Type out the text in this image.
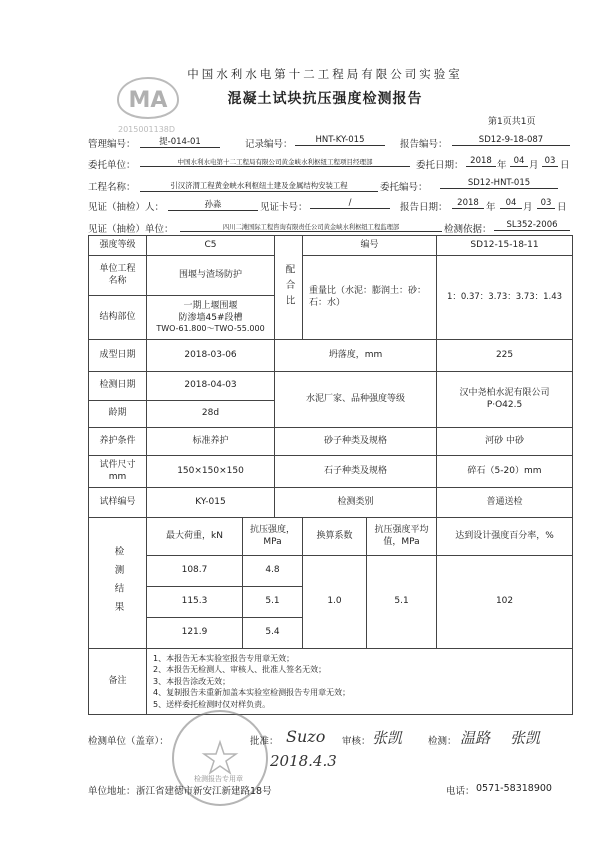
MA
2015001138D
中国水利水电第十二工程局有限公司实验室
混凝土试块抗压强度检测报告
第1页共1页
管理编号：	提-014-01	记录编号：	HNT-KY-015	报告编号：	SD12-9-18-087
委托单位：	中国水利水电第十二工程局有限公司黄金峡水利枢纽工程项目经理部	委托日期： 2018 年 04 月 03 日
工程名称：	引汉济渭工程黄金峡水利枢纽土建及金属结构安装工程	委托编号：	SD12-HNT-015
见证（抽检）人：	孙淼	见证卡号：	/	报告日期：	2018 年	04 月 03 日
见证（抽检）单位：	四川二滩国际工程咨询有限责任公司黄金峡水利枢纽工程监理部	检测依据：	SL352-2006
强度等级	C5		配合比	编号		SD12-15-18-11
单位工程
名称	围堰与渣场防护			重量比（水泥：膨润土：砂：石：水）		1：0.37：3.73：3.73：1.43
结构部位	一期上堰围堰
防渗墙45#段槽
TWO-61.800～TWO-55.000					

成型日期	2018-03-06		坍落度，mm			225
检测日期	2018-04-03		水泥厂家、品种强度等级			汉中尧柏水泥有限公司
P·O42.5

龄期	28d					
养护条件	标准养护		砂子种类及规格			河砂 中砂
试件尺寸
mm	150×150×150		石子种类及规格			碎石（5-20）mm
试样编号	KY-015		检测类别			普通送检

检测结果	最大荷重，kN	抗压强度，MPa		换算系数	抗压强度平均值，MPa	达到设计强度百分率，%
	108.7	4.8		1.0	5.1	102
	115.3	5.1				
	121.9	5.4				
备注	1、本报告无本实验室报告专用章无效；
2、本报告无检测人、审核人、批准人签名无效；
3、本报告涂改无效；
4、复制报告未重新加盖本实验室检测报告专用章无效；
5、送样委托检测时仅对样负责。					
检测报告专用章
检测单位（盖章）：	批准： Suzo 审核： 张凯	检测： 温路 张凯
2018.4.3
单位地址： 浙江省建德市新安江新建路18号	电话： 0571-58318900
